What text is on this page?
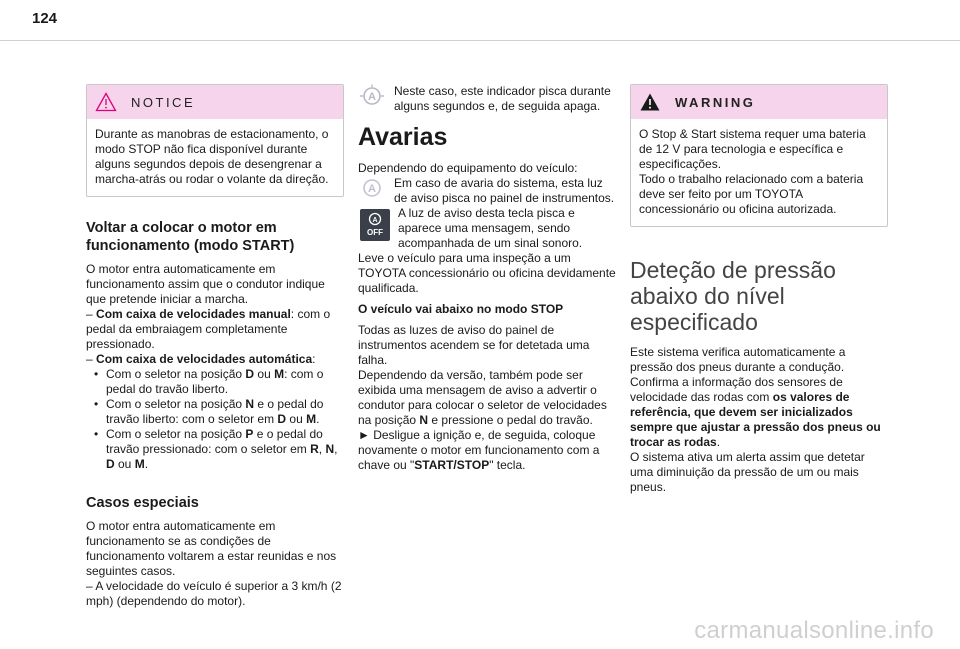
124
NOTICE
Durante as manobras de estacionamento, o modo STOP não fica disponível durante alguns segundos depois de desengrenar a marcha-atrás ou rodar o volante da direção.
Voltar a colocar o motor em funcionamento (modo START)

O motor entra automaticamente em funcionamento assim que o condutor indique que pretende iniciar a marcha.

– Com caixa de velocidades manual: com o pedal da embraiagem completamente pressionado.

– Com caixa de velocidades automática:

• Com o seletor na posição D ou M: com o pedal do travão liberto.
• Com o seletor na posição N e o pedal do travão liberto: com o seletor em D ou M.
• Com o seletor na posição P e o pedal do travão pressionado: com o seletor em R, N,
D ou M.
Casos especiais

O motor entra automaticamente em funcionamento se as condições de funcionamento voltarem a estar reunidas e nos seguintes casos.

– A velocidade do veículo é superior a 3 km/h (2 mph) (dependendo do motor).

A Neste caso, este indicador pisca durante alguns segundos e, de seguida apaga.

Avarias

Dependendo do equipamento do veículo:

A Em caso de avaria do sistema, esta luz de aviso pisca no painel de instrumentos.

A
OFF

A luz de aviso desta tecla pisca e aparece uma mensagem, sendo acompanhada de um sinal sonoro.

Leve o veículo para uma inspeção a um TOYOTA concessionário ou oficina devidamente qualificada.

O veículo vai abaixo no modo STOP

Todas as luzes de aviso do painel de instrumentos acendem se for detetada uma falha.

Dependendo da versão, também pode ser exibida uma mensagem de aviso a advertir o condutor para colocar o seletor de velocidades na posição N e pressione o pedal do travão.

► Desligue a ignição e, de seguida, coloque novamente o motor em funcionamento com a chave ou "START/STOP" tecla.

WARNING

O Stop & Start sistema requer uma bateria de 12 V para tecnologia e específica e especificações.

Todo o trabalho relacionado com a bateria deve ser feito por um TOYOTA concessionário ou oficina autorizada.

Deteção de pressão abaixo do nível especificado

Este sistema verifica automaticamente a pressão dos pneus durante a condução.

Confirma a informação dos sensores de velocidade das rodas com os valores de referência, que devem ser inicializados sempre que ajustar a pressão dos pneus ou trocar as rodas.

O sistema ativa um alerta assim que detetar uma diminuição da pressão de um ou mais pneus.

carmanualsonline.info
